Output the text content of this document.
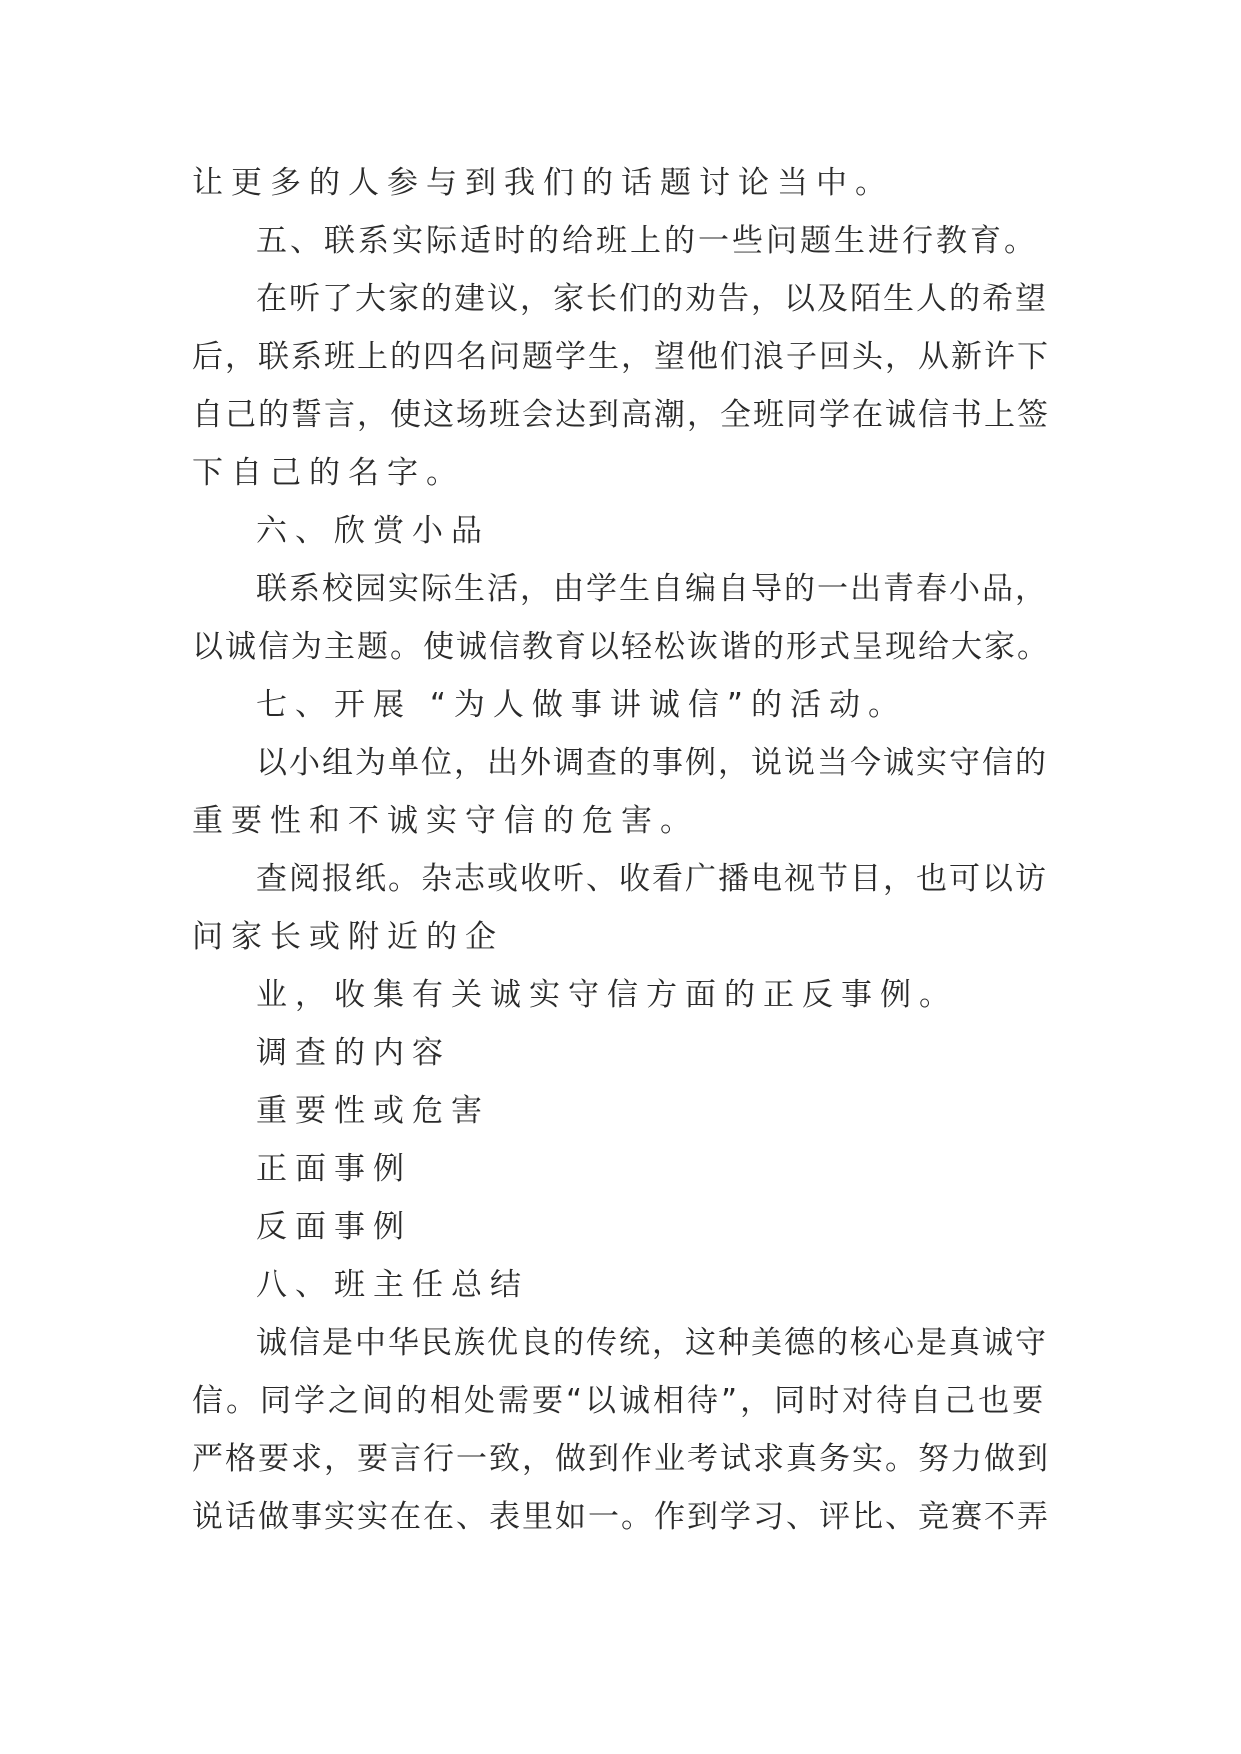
让更多的人参与到我们的话题讨论当中。
五、联系实际适时的给班上的一些问题生进行教育。
在听了大家的建议，家长们的劝告，以及陌生人的希望
后，联系班上的四名问题学生，望他们浪子回头，从新许下
自己的誓言，使这场班会达到高潮，全班同学在诚信书上签
下自己的名字。
六、欣赏小品
联系校园实际生活，由学生自编自导的一出青春小品，
以诚信为主题。使诚信教育以轻松诙谐的形式呈现给大家。
七、开展 “为人做事讲诚信”的活动。
以小组为单位，出外调查的事例，说说当今诚实守信的
重要性和不诚实守信的危害。
查阅报纸。杂志或收听、收看广播电视节目，也可以访
问家长或附近的企
业，收集有关诚实守信方面的正反事例。
调查的内容
重要性或危害
正面事例
反面事例
八、班主任总结
诚信是中华民族优良的传统，这种美德的核心是真诚守
信。同学之间的相处需要“以诚相待”，同时对待自己也要
严格要求，要言行一致，做到作业考试求真务实。努力做到
说话做事实实在在、表里如一。作到学习、评比、竞赛不弄
